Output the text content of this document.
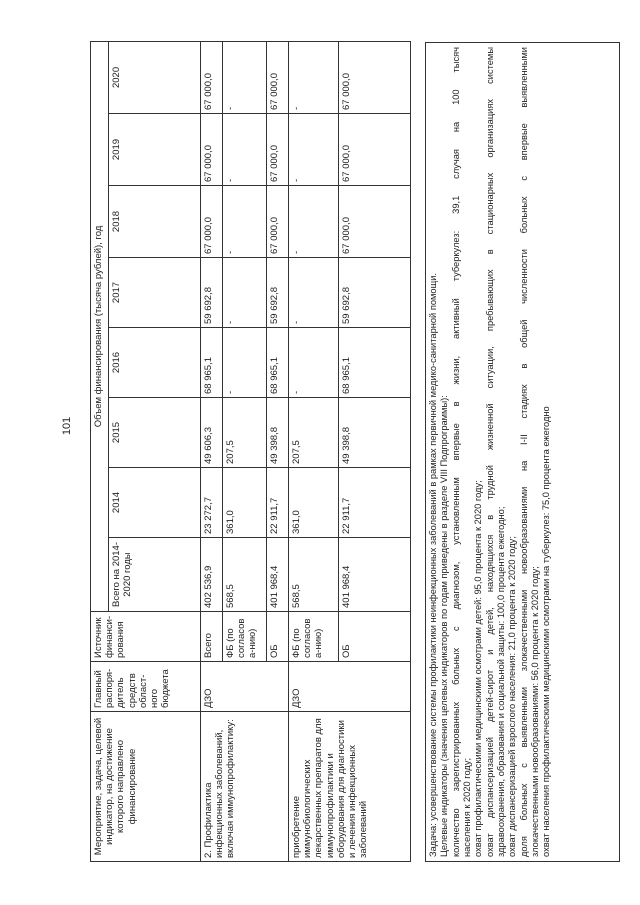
101
Мероприятие, задача, целевой индикатор, на достижение которого направлено финансирование	Главный распоря-дитель средств област-ного бюджета	Источник финанси-рования	Объем финансирования (тысяча рублей), год							
			Всего на 2014-2020 годы	2014	2015	2016	2017	2018	2019	2020
2. Профилактика инфекционных заболеваний, включая иммунопрофилактику:	ДЗО	Всего	402 536,9	23 272,7	49 606,3	68 965,1	59 692,8	67 000,0	67 000,0	67 000,0
		ФБ (по согласова-нию)	568,5	361,0	207,5	-	-	-	-	-
		ОБ	401 968,4	22 911,7	49 398,8	68 965,1	59 692,8	67 000,0	67 000,0	67 000,0
приобретение иммунобиологических лекарственных препаратов для иммунопрофилактики и оборудования для диагностики и лечения инфекционных заболеваний	ДЗО	ФБ (по согласова-нию)	568,5	361,0	207,5	-	-	-	-	-
		ОБ	401 968,4	22 911,7	49 398,8	68 965,1	59 692,8	67 000,0	67 000,0	67 000,0

Задача: усовершенствование системы профилактики неинфекционных заболеваний в рамках первичной медико-санитарной помощи. Целевые индикаторы (значения целевых индикаторов по годам приведены в разделе VIII Подпрограммы): количество зарегистрированных больных с диагнозом, установленным впервые в жизни, активный туберкулез: 39,1 случая на 100 тысяч населения к 2020 году; охват профилактическими медицинскими осмотрами детей: 95,0 процента к 2020 году; охват диспансеризацией детей-сирот и детей, находящихся в трудной жизненной ситуации, пребывающих в стационарных организациях системы здравоохранения, образования и социальной защиты: 100,0 процента ежегодно; охват диспансеризацией взрослого населения: 21,0 процента к 2020 году; доля больных с выявленными злокачественными новообразованиями на I-II стадиях в общей численности больных с впервые выявленными злокачественными новообразованиями: 56,0 процента к 2020 году; охват населения профилактическими медицинскими осмотрами на туберкулез: 75,0 процента ежегодно
